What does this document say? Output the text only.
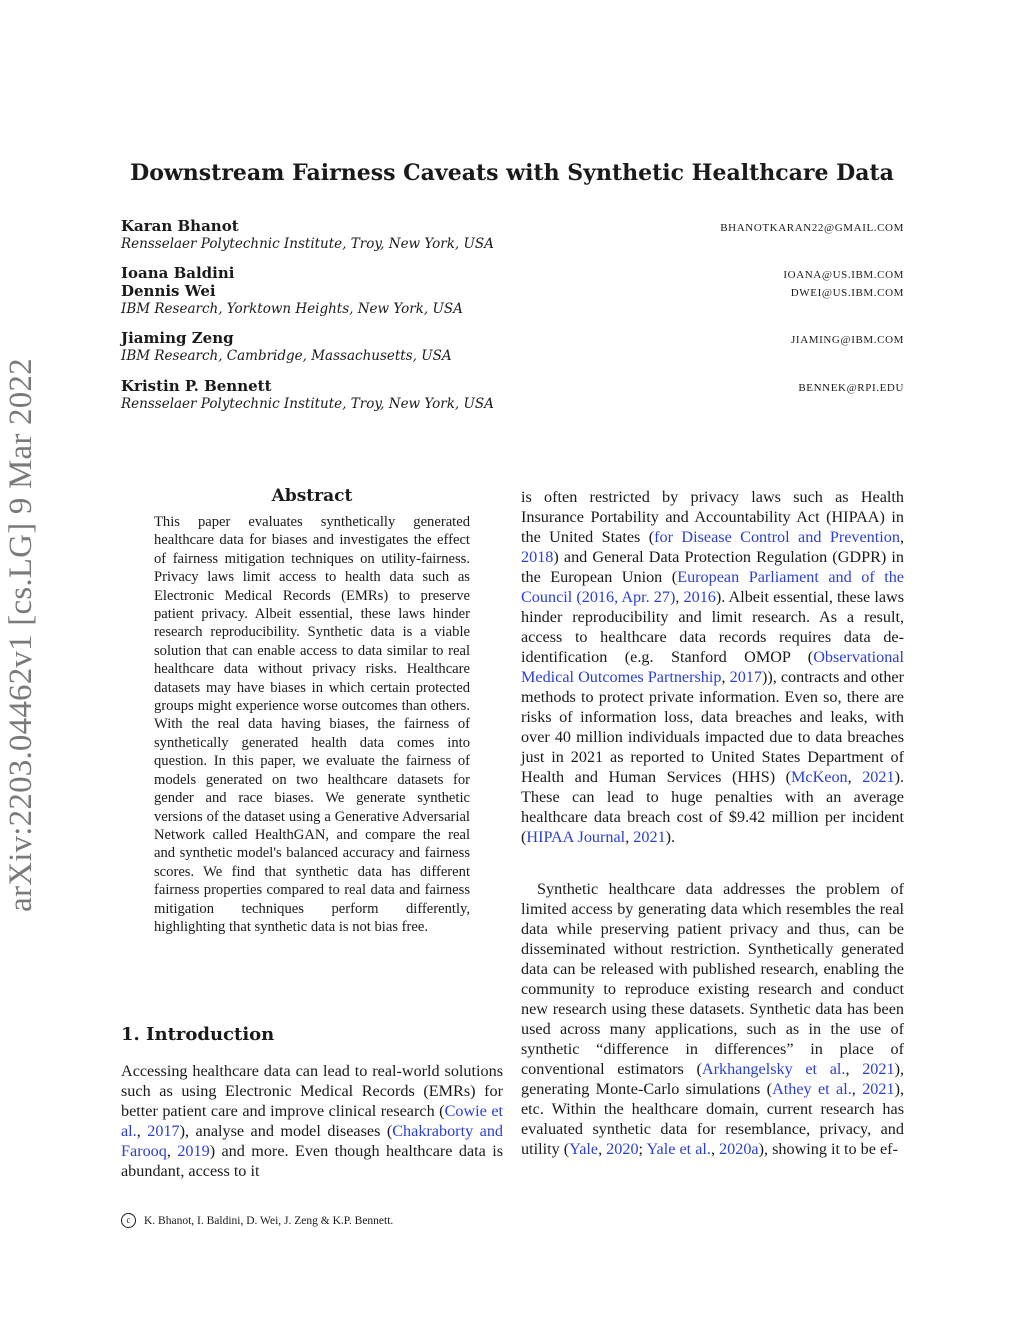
arXiv:2203.04462v1 [cs.LG] 9 Mar 2022
Downstream Fairness Caveats with Synthetic Healthcare Data
Karan Bhanot	BHANOTKARAN22@GMAIL.COM
Rensselaer Polytechnic Institute, Troy, New York, USA
Ioana Baldini	IOANA@US.IBM.COM
Dennis Wei	DWEI@US.IBM.COM
IBM Research, Yorktown Heights, New York, USA
Jiaming Zeng	JIAMING@IBM.COM
IBM Research, Cambridge, Massachusetts, USA
Kristin P. Bennett	BENNEK@RPI.EDU
Rensselaer Polytechnic Institute, Troy, New York, USA
Abstract
This paper evaluates synthetically generated healthcare data for biases and investigates the effect of fairness mitigation techniques on utility-fairness. Privacy laws limit access to health data such as Electronic Medical Records (EMRs) to preserve patient privacy. Albeit essential, these laws hinder research reproducibility. Synthetic data is a viable solution that can enable access to data similar to real healthcare data without privacy risks. Healthcare datasets may have biases in which certain protected groups might experience worse outcomes than others. With the real data having biases, the fairness of synthetically generated health data comes into question. In this paper, we evaluate the fairness of models generated on two healthcare datasets for gender and race biases. We generate synthetic versions of the dataset using a Generative Adversarial Network called HealthGAN, and compare the real and synthetic model's balanced accuracy and fairness scores. We find that synthetic data has different fairness properties compared to real data and fairness mitigation techniques perform differently, highlighting that synthetic data is not bias free.
1. Introduction
Accessing healthcare data can lead to real-world solutions such as using Electronic Medical Records (EMRs) for better patient care and improve clinical research (Cowie et al., 2017), analyse and model diseases (Chakraborty and Farooq, 2019) and more. Even though healthcare data is abundant, access to it
is often restricted by privacy laws such as Health Insurance Portability and Accountability Act (HIPAA) in the United States (for Disease Control and Prevention, 2018) and General Data Protection Regulation (GDPR) in the European Union (European Parliament and of the Council (2016, Apr. 27), 2016). Albeit essential, these laws hinder reproducibility and limit research. As a result, access to healthcare data records requires data de-identification (e.g. Stanford OMOP (Observational Medical Outcomes Partnership, 2017)), contracts and other methods to protect private information. Even so, there are risks of information loss, data breaches and leaks, with over 40 million individuals impacted due to data breaches just in 2021 as reported to United States Department of Health and Human Services (HHS) (McKeon, 2021). These can lead to huge penalties with an average healthcare data breach cost of $9.42 million per incident (HIPAA Journal, 2021).
Synthetic healthcare data addresses the problem of limited access by generating data which resembles the real data while preserving patient privacy and thus, can be disseminated without restriction. Synthetically generated data can be released with published research, enabling the community to reproduce existing research and conduct new research using these datasets. Synthetic data has been used across many applications, such as in the use of synthetic “difference in differences” in place of conventional estimators (Arkhangelsky et al., 2021), generating Monte-Carlo simulations (Athey et al., 2021), etc. Within the healthcare domain, current research has evaluated synthetic data for resemblance, privacy, and utility (Yale, 2020; Yale et al., 2020a), showing it to be ef-
c	K. Bhanot, I. Baldini, D. Wei, J. Zeng & K.P. Bennett.
